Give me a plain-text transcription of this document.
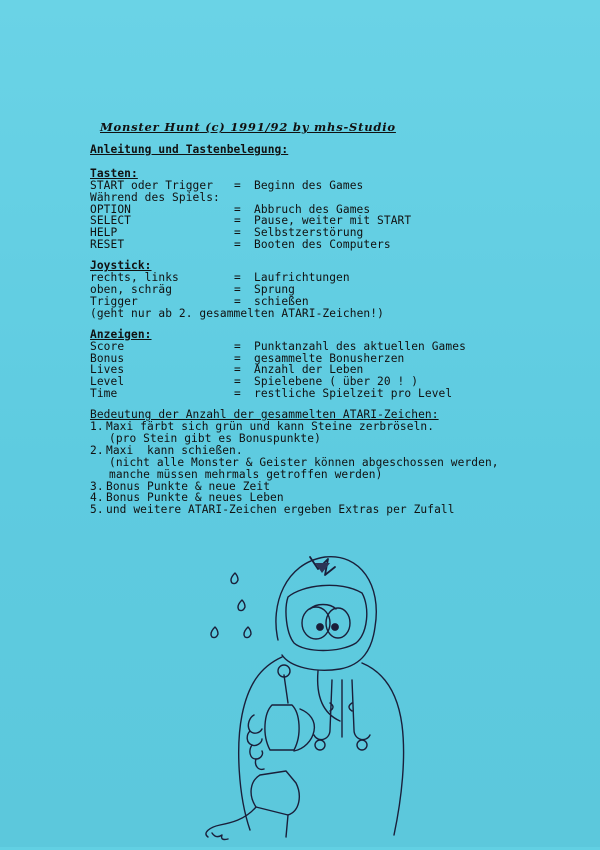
Monster Hunt (c) 1991/92 by mhs-Studio
Anleitung und Tastenbelegung:
Tasten:
START oder Trigger	=	Beginn des Games
Während des Spiels:
OPTION	=	Abbruch des Games
SELECT	=	Pause, weiter mit START
HELP	=	Selbstzerstörung
RESET	=	Booten des Computers
Joystick:
rechts, links	=	Laufrichtungen
oben, schräg	=	Sprung
Trigger	=	schießen
(geht nur ab 2. gesammelten ATARI-Zeichen!)
Anzeigen:
Score	=	Punktanzahl des aktuellen Games
Bonus	=	gesammelte Bonusherzen
Lives	=	Anzahl der Leben
Level	=	Spielebene ( über 20 ! )
Time	=	restliche Spielzeit pro Level
Bedeutung der Anzahl der gesammelten ATARI-Zeichen:
1. Maxi färbt sich grün und kann Steine zerbröseln.
(pro Stein gibt es Bonuspunkte)
2. Maxi  kann schießen.
(nicht alle Monster & Geister können abgeschossen werden,
manche müssen mehrmals getroffen werden)
3. Bonus Punkte & neue Zeit
4. Bonus Punkte & neues Leben
5. und weitere ATARI-Zeichen ergeben Extras per Zufall
